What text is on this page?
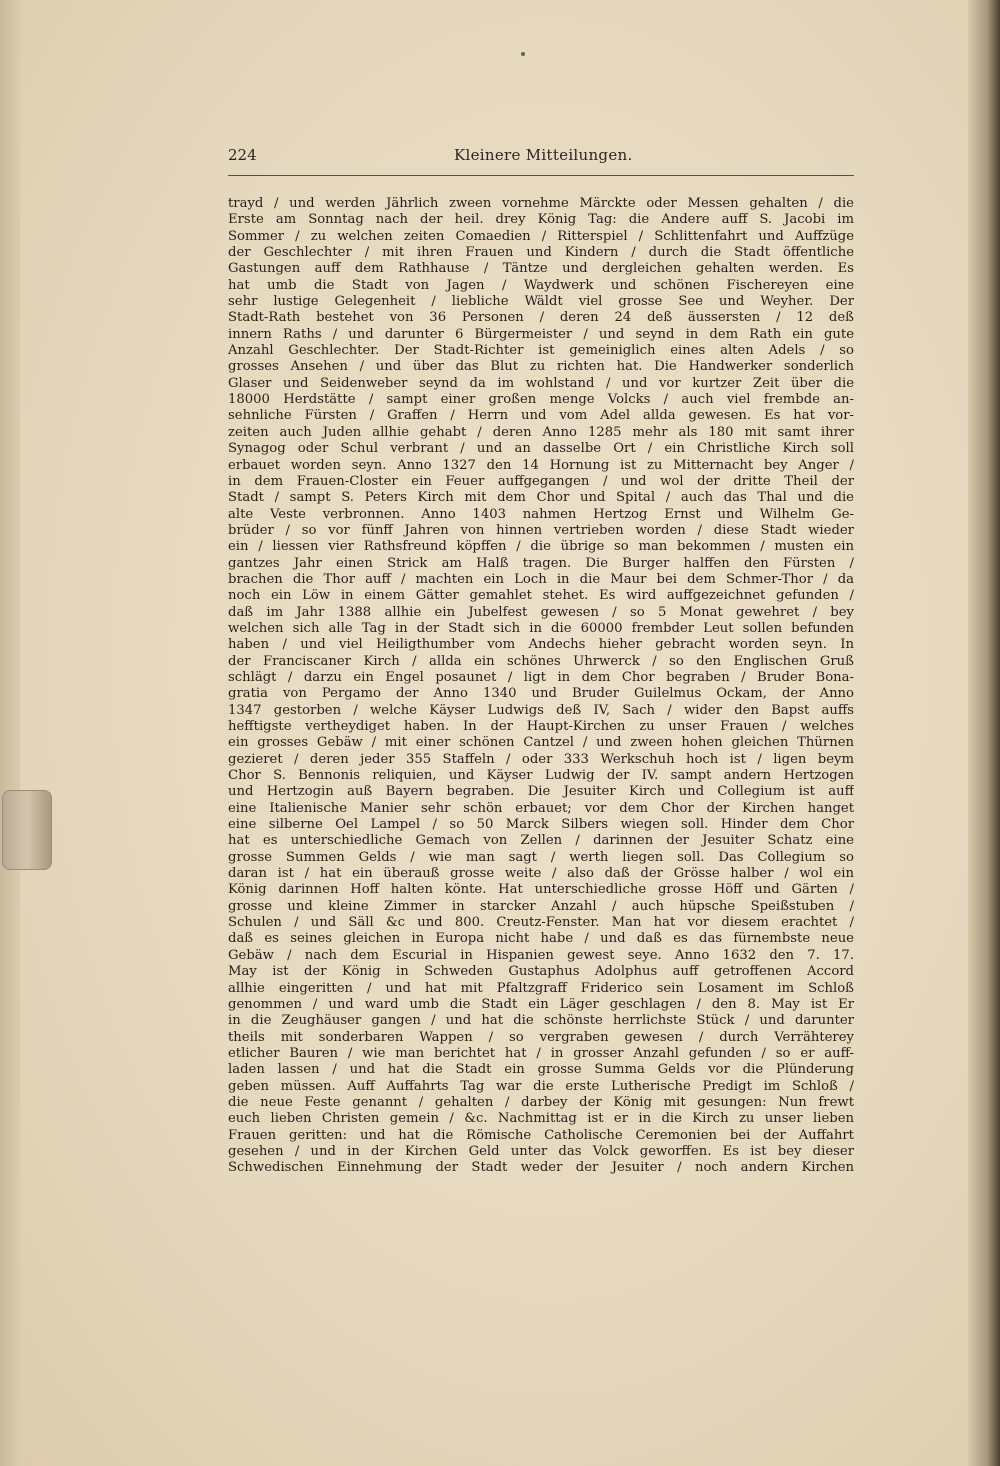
224	Kleinere Mitteilungen.
trayd / und werden Jährlich zween vornehme Märckte oder Messen gehalten / die
Erste am Sonntag nach der heil. drey König Tag: die Andere auff S. Jacobi im
Sommer / zu welchen zeiten Comaedien / Ritterspiel / Schlittenfahrt und Auffzüge
der Geschlechter / mit ihren Frauen und Kindern / durch die Stadt öffentliche
Gastungen auff dem Rathhause / Täntze und dergleichen gehalten werden. Es
hat umb die Stadt von Jagen / Waydwerk und schönen Fischereyen eine
sehr lustige Gelegenheit / liebliche Wäldt viel grosse See und Weyher. Der
Stadt-Rath bestehet von 36 Personen / deren 24 deß äussersten / 12 deß
innern Raths / und darunter 6 Bürgermeister / und seynd in dem Rath ein gute
Anzahl Geschlechter. Der Stadt-Richter ist gemeiniglich eines alten Adels / so
grosses Ansehen / und über das Blut zu richten hat. Die Handwerker sonderlich
Glaser und Seidenweber seynd da im wohlstand / und vor kurtzer Zeit über die
18000 Herdstätte / sampt einer großen menge Volcks / auch viel frembde an-
sehnliche Fürsten / Graffen / Herrn und vom Adel allda gewesen. Es hat vor-
zeiten auch Juden allhie gehabt / deren Anno 1285 mehr als 180 mit samt ihrer
Synagog oder Schul verbrant / und an dasselbe Ort / ein Christliche Kirch soll
erbauet worden seyn. Anno 1327 den 14 Hornung ist zu Mitternacht bey Anger /
in dem Frauen-Closter ein Feuer auffgegangen / und wol der dritte Theil der
Stadt / sampt S. Peters Kirch mit dem Chor und Spital / auch das Thal und die
alte Veste verbronnen. Anno 1403 nahmen Hertzog Ernst und Wilhelm Ge-
brüder / so vor fünff Jahren von hinnen vertrieben worden / diese Stadt wieder
ein / liessen vier Rathsfreund köpffen / die übrige so man bekommen / musten ein
gantzes Jahr einen Strick am Halß tragen. Die Burger halffen den Fürsten /
brachen die Thor auff / machten ein Loch in die Maur bei dem Schmer-Thor / da
noch ein Löw in einem Gätter gemahlet stehet. Es wird auffgezeichnet gefunden /
daß im Jahr 1388 allhie ein Jubelfest gewesen / so 5 Monat gewehret / bey
welchen sich alle Tag in der Stadt sich in die 60000 frembder Leut sollen befunden
haben / und viel Heiligthumber vom Andechs hieher gebracht worden seyn. In
der Franciscaner Kirch / allda ein schönes Uhrwerck / so den Englischen Gruß
schlägt / darzu ein Engel posaunet / ligt in dem Chor begraben / Bruder Bona-
gratia von Pergamo der Anno 1340 und Bruder Guilelmus Ockam, der Anno
1347 gestorben / welche Käyser Ludwigs deß IV, Sach / wider den Bapst auffs
hefftigste vertheydiget haben. In der Haupt-Kirchen zu unser Frauen / welches
ein grosses Gebäw / mit einer schönen Cantzel / und zween hohen gleichen Thürnen
gezieret / deren jeder 355 Staffeln / oder 333 Werkschuh hoch ist / ligen beym
Chor S. Bennonis reliquien, und Käyser Ludwig der IV. sampt andern Hertzogen
und Hertzogin auß Bayern begraben. Die Jesuiter Kirch und Collegium ist auff
eine Italienische Manier sehr schön erbauet; vor dem Chor der Kirchen hanget
eine silberne Oel Lampel / so 50 Marck Silbers wiegen soll. Hinder dem Chor
hat es unterschiedliche Gemach von Zellen / darinnen der Jesuiter Schatz eine
grosse Summen Gelds / wie man sagt / werth liegen soll. Das Collegium so
daran ist / hat ein überauß grosse weite / also daß der Grösse halber / wol ein
König darinnen Hoff halten könte. Hat unterschiedliche grosse Höff und Gärten /
grosse und kleine Zimmer in starcker Anzahl / auch hüpsche Speißstuben /
Schulen / und Säll &c und 800. Creutz-Fenster. Man hat vor diesem erachtet /
daß es seines gleichen in Europa nicht habe / und daß es das fürnembste neue
Gebäw / nach dem Escurial in Hispanien gewest seye. Anno 1632 den 7. 17.
May ist der König in Schweden Gustaphus Adolphus auff getroffenen Accord
allhie eingeritten / und hat mit Pfaltzgraff Friderico sein Losament im Schloß
genommen / und ward umb die Stadt ein Läger geschlagen / den 8. May ist Er
in die Zeughäuser gangen / und hat die schönste herrlichste Stück / und darunter
theils mit sonderbaren Wappen / so vergraben gewesen / durch Verrähterey
etlicher Bauren / wie man berichtet hat / in grosser Anzahl gefunden / so er auff-
laden lassen / und hat die Stadt ein grosse Summa Gelds vor die Plünderung
geben müssen. Auff Auffahrts Tag war die erste Lutherische Predigt im Schloß /
die neue Feste genannt / gehalten / darbey der König mit gesungen: Nun frewt
euch lieben Christen gemein / &c. Nachmittag ist er in die Kirch zu unser lieben
Frauen geritten: und hat die Römische Catholische Ceremonien bei der Auffahrt
gesehen / und in der Kirchen Geld unter das Volck geworffen. Es ist bey dieser
Schwedischen Einnehmung der Stadt weder der Jesuiter / noch andern Kirchen
